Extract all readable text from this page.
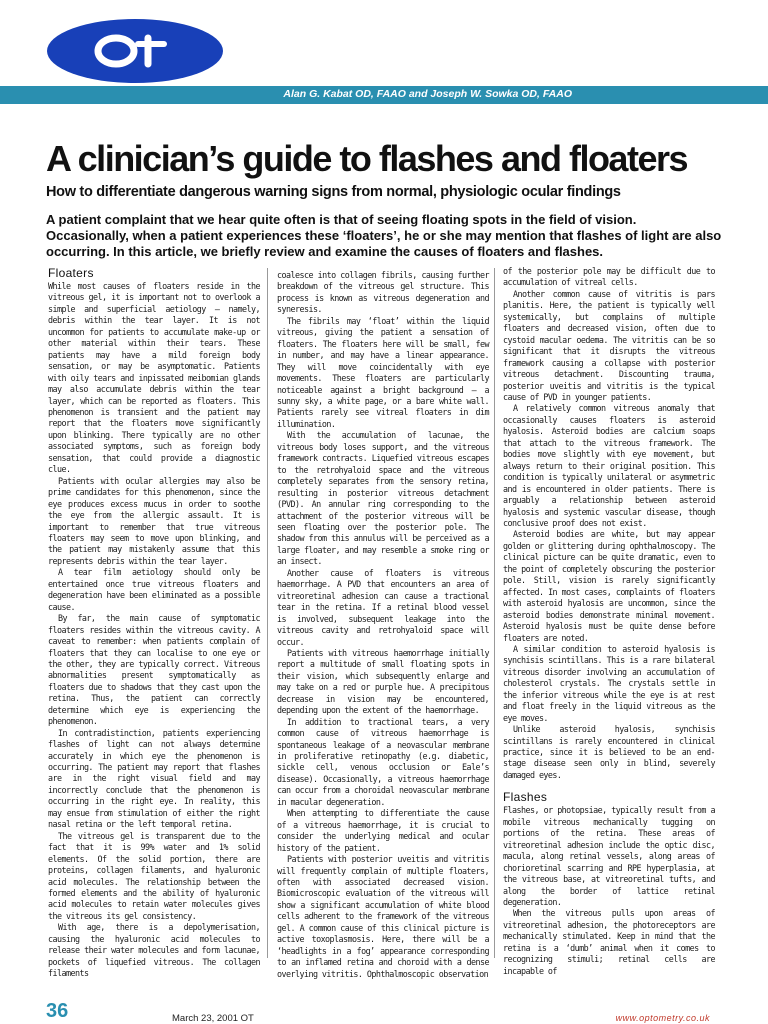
Alan G. Kabat OD, FAAO and Joseph W. Sowka OD, FAAO
A clinician’s guide to flashes and floaters
How to differentiate dangerous warning signs from normal, physiologic ocular findings

A patient complaint that we hear quite often is that of seeing floating spots in the field of vision. Occasionally, when a patient experiences these ‘floaters’, he or she may mention that flashes of light are also occurring. In this article, we briefly review and examine the causes of floaters and flashes.

Floaters

While most causes of floaters reside in the vitreous gel, it is important not to overlook a simple and superficial aetiology – namely, debris within the tear layer. It is not uncommon for patients to accumulate make-up or other material within their tears. These patients may have a mild foreign body sensation, or may be asymptomatic. Patients with oily tears and inpissated meibomian glands may also accumulate debris within the tear layer, which can be reported as floaters. This phenomenon is transient and the patient may report that the floaters move significantly upon blinking. There typically are no other associated symptoms, such as foreign body sensation, that could provide a diagnostic clue.

Patients with ocular allergies may also be prime candidates for this phenomenon, since the eye produces excess mucus in order to soothe the eye from the allergic assault. It is important to remember that true vitreous floaters may seem to move upon blinking, and the patient may mistakenly assume that this represents debris within the tear layer.

A tear film aetiology should only be entertained once true vitreous floaters and degeneration have been eliminated as a possible cause.

By far, the main cause of symptomatic floaters resides within the vitreous cavity. A caveat to remember: when patients complain of floaters that they can localise to one eye or the other, they are typically correct. Vitreous abnormalities present symptomatically as floaters due to shadows that they cast upon the retina. Thus, the patient can correctly determine which eye is experiencing the phenomenon.

In contradistinction, patients experiencing flashes of light can not always determine accurately in which eye the phenomenon is occurring. The patient may report that flashes are in the right visual field and may incorrectly conclude that the phenomenon is occurring in the right eye. In reality, this may ensue from stimulation of either the right nasal retina or the left temporal retina.

The vitreous gel is transparent due to the fact that it is 99% water and 1% solid elements. Of the solid portion, there are proteins, collagen filaments, and hyaluronic acid molecules. The relationship between the formed elements and the ability of hyaluronic acid molecules to retain water molecules gives the vitreous its gel consistency.

With age, there is a depolymerisation, causing the hyaluronic acid molecules to release their water molecules and form lacunae, pockets of liquefied vitreous. The collagen filaments

coalesce into collagen fibrils, causing further breakdown of the vitreous gel structure. This process is known as vitreous degeneration and syneresis.

The fibrils may ‘float’ within the liquid vitreous, giving the patient a sensation of floaters. The floaters here will be small, few in number, and may have a linear appearance. They will move coincidentally with eye movements. These floaters are particularly noticeable against a bright background – a sunny sky, a white page, or a bare white wall. Patients rarely see vitreal floaters in dim illumination.

With the accumulation of lacunae, the vitreous body loses support, and the vitreous framework contracts. Liquefied vitreous escapes to the retrohyaloid space and the vitreous completely separates from the sensory retina, resulting in posterior vitreous detachment (PVD). An annular ring corresponding to the attachment of the posterior vitreous will be seen floating over the posterior pole. The shadow from this annulus will be perceived as a large floater, and may resemble a smoke ring or an insect.

Another cause of floaters is vitreous haemorrhage. A PVD that encounters an area of vitreoretinal adhesion can cause a tractional tear in the retina. If a retinal blood vessel is involved, subsequent leakage into the vitreous cavity and retrohyaloid space will occur.

Patients with vitreous haemorrhage initially report a multitude of small floating spots in their vision, which subsequently enlarge and may take on a red or purple hue. A precipitous decrease in vision may be encountered, depending upon the extent of the haemorrhage.

In addition to tractional tears, a very common cause of vitreous haemorrhage is spontaneous leakage of a neovascular membrane in proliferative retinopathy (e.g. diabetic, sickle cell, venous occlusion or Eale’s disease). Occasionally, a vitreous haemorrhage can occur from a choroidal neovascular membrane in macular degeneration.

When attempting to differentiate the cause of a vitreous haemorrhage, it is crucial to consider the underlying medical and ocular history of the patient.

Patients with posterior uveitis and vitritis will frequently complain of multiple floaters, often with associated decreased vision. Biomicroscopic evaluation of the vitreous will show a significant accumulation of white blood cells adherent to the framework of the vitreous gel. A common cause of this clinical picture is active toxoplasmosis. Here, there will be a ‘headlights in a fog’ appearance corresponding to an inflamed retina and choroid with a dense overlying vitritis. Ophthalmoscopic observation

of the posterior pole may be difficult due to accumulation of vitreal cells.

Another common cause of vitritis is pars planitis. Here, the patient is typically well systemically, but complains of multiple floaters and decreased vision, often due to cystoid macular oedema. The vitritis can be so significant that it disrupts the vitreous framework causing a collapse with posterior vitreous detachment. Discounting trauma, posterior uveitis and vitritis is the typical cause of PVD in younger patients.

A relatively common vitreous anomaly that occasionally causes floaters is asteroid hyalosis. Asteroid bodies are calcium soaps that attach to the vitreous framework. The bodies move slightly with eye movement, but always return to their original position. This condition is typically unilateral or asymmetric and is encountered in older patients. There is arguably a relationship between asteroid hyalosis and systemic vascular disease, though conclusive proof does not exist.

Asteroid bodies are white, but may appear golden or glittering during ophthalmoscopy. The clinical picture can be quite dramatic, even to the point of completely obscuring the posterior pole. Still, vision is rarely significantly affected. In most cases, complaints of floaters with asteroid hyalosis are uncommon, since the asteroid bodies demonstrate minimal movement. Asteroid hyalosis must be quite dense before floaters are noted.

A similar condition to asteroid hyalosis is synchisis scintillans. This is a rare bilateral vitreous disorder involving an accumulation of cholesterol crystals. The crystals settle in the inferior vitreous while the eye is at rest and float freely in the liquid vitreous as the eye moves.

Unlike asteroid hyalosis, synchisis scintillans is rarely encountered in clinical practice, since it is believed to be an end-stage disease seen only in blind, severely damaged eyes.

Flashes

Flashes, or photopsiae, typically result from a mobile vitreous mechanically tugging on portions of the retina. These areas of vitreoretinal adhesion include the optic disc, macula, along retinal vessels, along areas of chorioretinal scarring and RPE hyperplasia, at the vitreous base, at vitreoretinal tufts, and along the border of lattice retinal degeneration.

When the vitreous pulls upon areas of vitreoretinal adhesion, the photoreceptors are mechanically stimulated. Keep in mind that the retina is a ‘dumb’ animal when it comes to recognizing stimuli; retinal cells are incapable of

36	March 23, 2001 OT	www.optometry.co.uk
